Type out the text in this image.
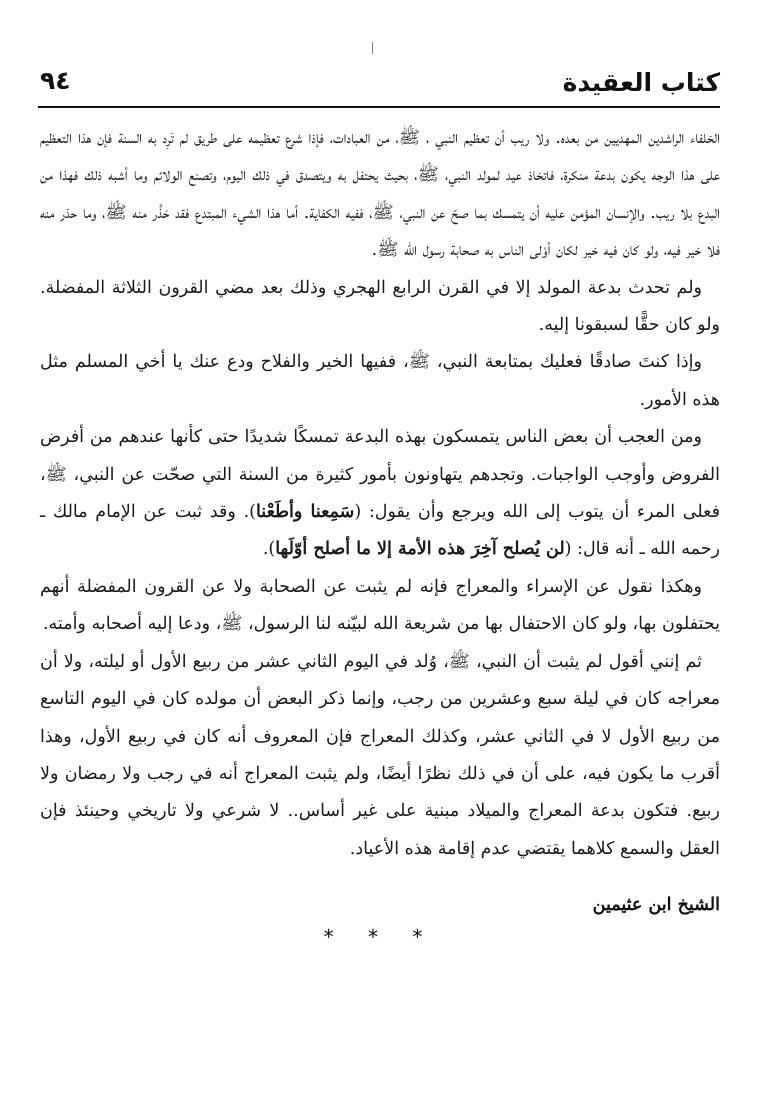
كتاب العقيدة
٩٤

الخلفاء الراشدين المهديين من بعده. ولا ريب أن تعظيم النبي ، ﷺ، من العبادات، فإذا شرع تعظيمه على طريق لم تَرِد به السنة فإن هذا التعظيم على هذا الوجه يكون بدعة منكرة، فاتخاذ عيد لمولد النبي، ﷺ، بحيث يحتفل به ويتصدق في ذلك اليوم، وتصنع الولائم وما أشبه ذلك فهذا من البدع بلا ريب. والإنسان المؤمن عليه أن يتمسك بما صحّ عن النبي، ﷺ، ففيه الكفاية. أما هذا الشيء المبتدع فقد حَذَّر منه ﷺ، وما حذر منه فلا خير فيه، ولو كان فيه خير لكان أوْلى الناس به صحابة رسول الله ﷺ.

ولم تحدث بدعة المولد إلا في القرن الرابع الهجري وذلك بعد مضي القرون الثلاثة المفضلة. ولو كان حقًّا لسبقونا إليه.

وإذا كنتَ صادقًا فعليك بمتابعة النبي، ﷺ، ففيها الخير والفلاح ودع عنك يا أخي المسلم مثل هذه الأمور.

ومن العجب أن بعض الناس يتمسكون بهذه البدعة تمسكًا شديدًا حتى كأنها عندهم من أفرض الفروض وأوجب الواجبات. وتجدهم يتهاونون بأمور كثيرة من السنة التي صحّت عن النبي، ﷺ، فعلى المرء أن يتوب إلى الله ويرجع وأن يقول: (سَمِعنا وأطَعْنا). وقد ثبت عن الإمام مالك ـ رحمه الله ـ أنه قال: (لن يُصلح آخِرَ هذه الأمة إلا ما أصلح أوّلَها).

وهكذا نقول عن الإسراء والمعراج فإنه لم يثبت عن الصحابة ولا عن القرون المفضلة أنهم يحتفلون بها، ولو كان الاحتفال بها من شريعة الله لبيّنه لنا الرسول، ﷺ، ودعا إليه أصحابه وأمته.

ثم إنني أقول لم يثبت أن النبي، ﷺ، وُلد في اليوم الثاني عشر من ربيع الأول أو ليلته، ولا أن معراجه كان في ليلة سبع وعشرين من رجب، وإنما ذكر البعض أن مولده كان في اليوم التاسع من ربيع الأول لا في الثاني عشر، وكذلك المعراج فإن المعروف أنه كان في ربيع الأول، وهذا أقرب ما يكون فيه، على أن في ذلك نظرًا أيضًا، ولم يثبت المعراج أنه في رجب ولا رمضان ولا ربيع. فتكون بدعة المعراج والميلاد مبنية على غير أساس.. لا شرعي ولا تاريخي وحينئذ فإن العقل والسمع كلاهما يقتضي عدم إقامة هذه الأعياد.

الشيخ ابن عثيمين
* * *
